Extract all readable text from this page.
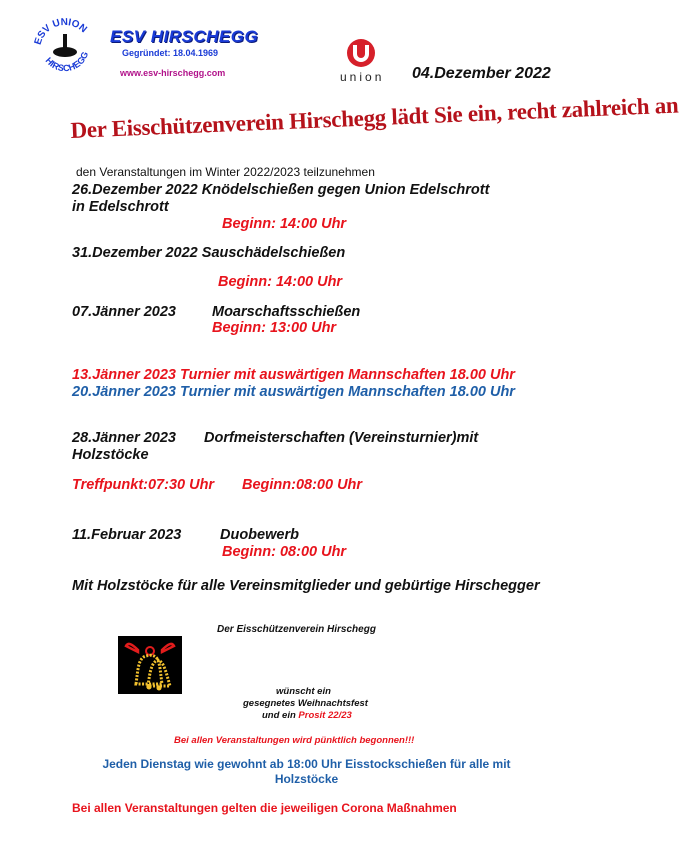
ESV UNION
HIRSCHEGG
ESV HIRSCHEGG
Gegründet: 18.04.1969
www.esv-hirschegg.com	union 04.Dezember 2022
Der Eisschützenverein Hirschegg lädt Sie ein, recht zahlreich an
den Veranstaltungen im Winter 2022/2023 teilzunehmen
26.Dezember 2022 Knödelschießen gegen Union Edelschrott
in Edelschrott
Beginn: 14:00 Uhr
31.Dezember 2022 Sauschädelschießen
Beginn: 14:00 Uhr
07.Jänner 2023 Moarschaftsschießen
Beginn: 13:00 Uhr
13.Jänner 2023 Turnier mit auswärtigen Mannschaften 18.00 Uhr
20.Jänner 2023 Turnier mit auswärtigen Mannschaften 18.00 Uhr
28.Jänner 2023 Dorfmeisterschaften (Vereinsturnier)mit
Holzstöcke
Treffpunkt:07:30 Uhr Beginn:08:00 Uhr
11.Februar 2023	Duobewerb
Beginn: 08:00 Uhr
Mit Holzstöcke für alle Vereinsmitglieder und gebürtige Hirschegger
Der Eisschützenverein Hirschegg
wünscht ein
gesegnetes Weihnachtsfest
und ein Prosit 22/23
Bei allen Veranstaltungen wird pünktlich begonnen!!!
Jeden Dienstag wie gewohnt ab 18:00 Uhr Eisstockschießen für alle mit
Holzstöcke
Bei allen Veranstaltungen gelten die jeweiligen Corona Maßnahmen
